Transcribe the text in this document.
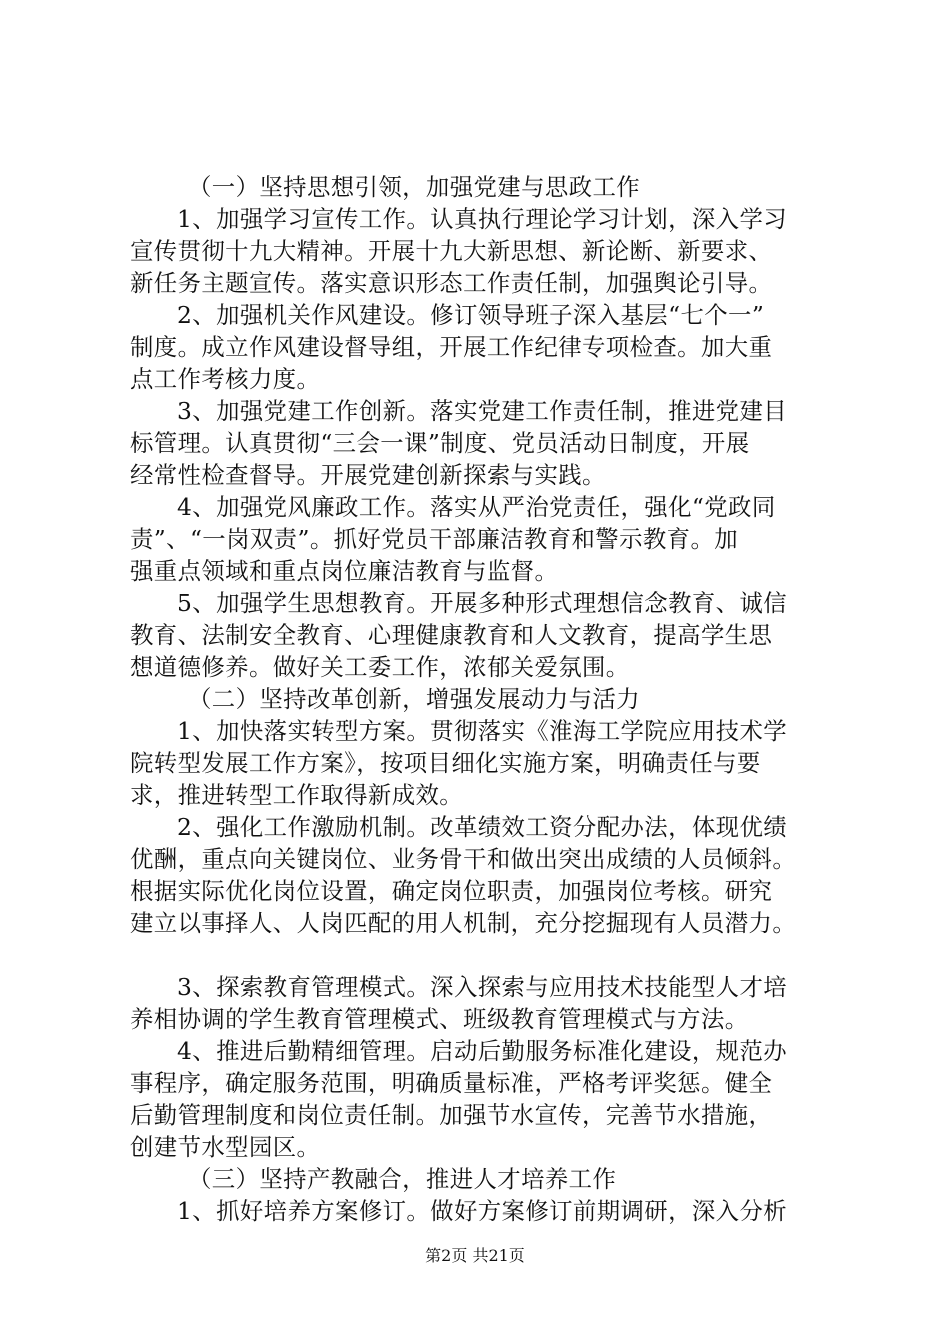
（一）坚持思想引领，加强党建与思政工作
1、加强学习宣传工作。认真执行理论学习计划，深入学习
宣传贯彻十九大精神。开展十九大新思想、新论断、新要求、
新任务主题宣传。落实意识形态工作责任制，加强舆论引导。
2、加强机关作风建设。修订领导班子深入基层“七个一”
制度。成立作风建设督导组，开展工作纪律专项检查。加大重
点工作考核力度。
3、加强党建工作创新。落实党建工作责任制，推进党建目
标管理。认真贯彻“三会一课”制度、党员活动日制度，开展
经常性检查督导。开展党建创新探索与实践。
4、加强党风廉政工作。落实从严治党责任，强化“党政同
责”、“一岗双责”。抓好党员干部廉洁教育和警示教育。加
强重点领域和重点岗位廉洁教育与监督。
5、加强学生思想教育。开展多种形式理想信念教育、诚信
教育、法制安全教育、心理健康教育和人文教育，提高学生思
想道德修养。做好关工委工作，浓郁关爱氛围。
（二）坚持改革创新，增强发展动力与活力
1、加快落实转型方案。贯彻落实《淮海工学院应用技术学
院转型发展工作方案》，按项目细化实施方案，明确责任与要
求，推进转型工作取得新成效。
2、强化工作激励机制。改革绩效工资分配办法，体现优绩
优酬，重点向关键岗位、业务骨干和做出突出成绩的人员倾斜。
根据实际优化岗位设置，确定岗位职责，加强岗位考核。研究
建立以事择人、人岗匹配的用人机制，充分挖掘现有人员潜力。
3、探索教育管理模式。深入探索与应用技术技能型人才培
养相协调的学生教育管理模式、班级教育管理模式与方法。
4、推进后勤精细管理。启动后勤服务标准化建设，规范办
事程序，确定服务范围，明确质量标准，严格考评奖惩。健全
后勤管理制度和岗位责任制。加强节水宣传，完善节水措施，
创建节水型园区。
（三）坚持产教融合，推进人才培养工作
1、抓好培养方案修订。做好方案修订前期调研，深入分析
第2页 共21页
